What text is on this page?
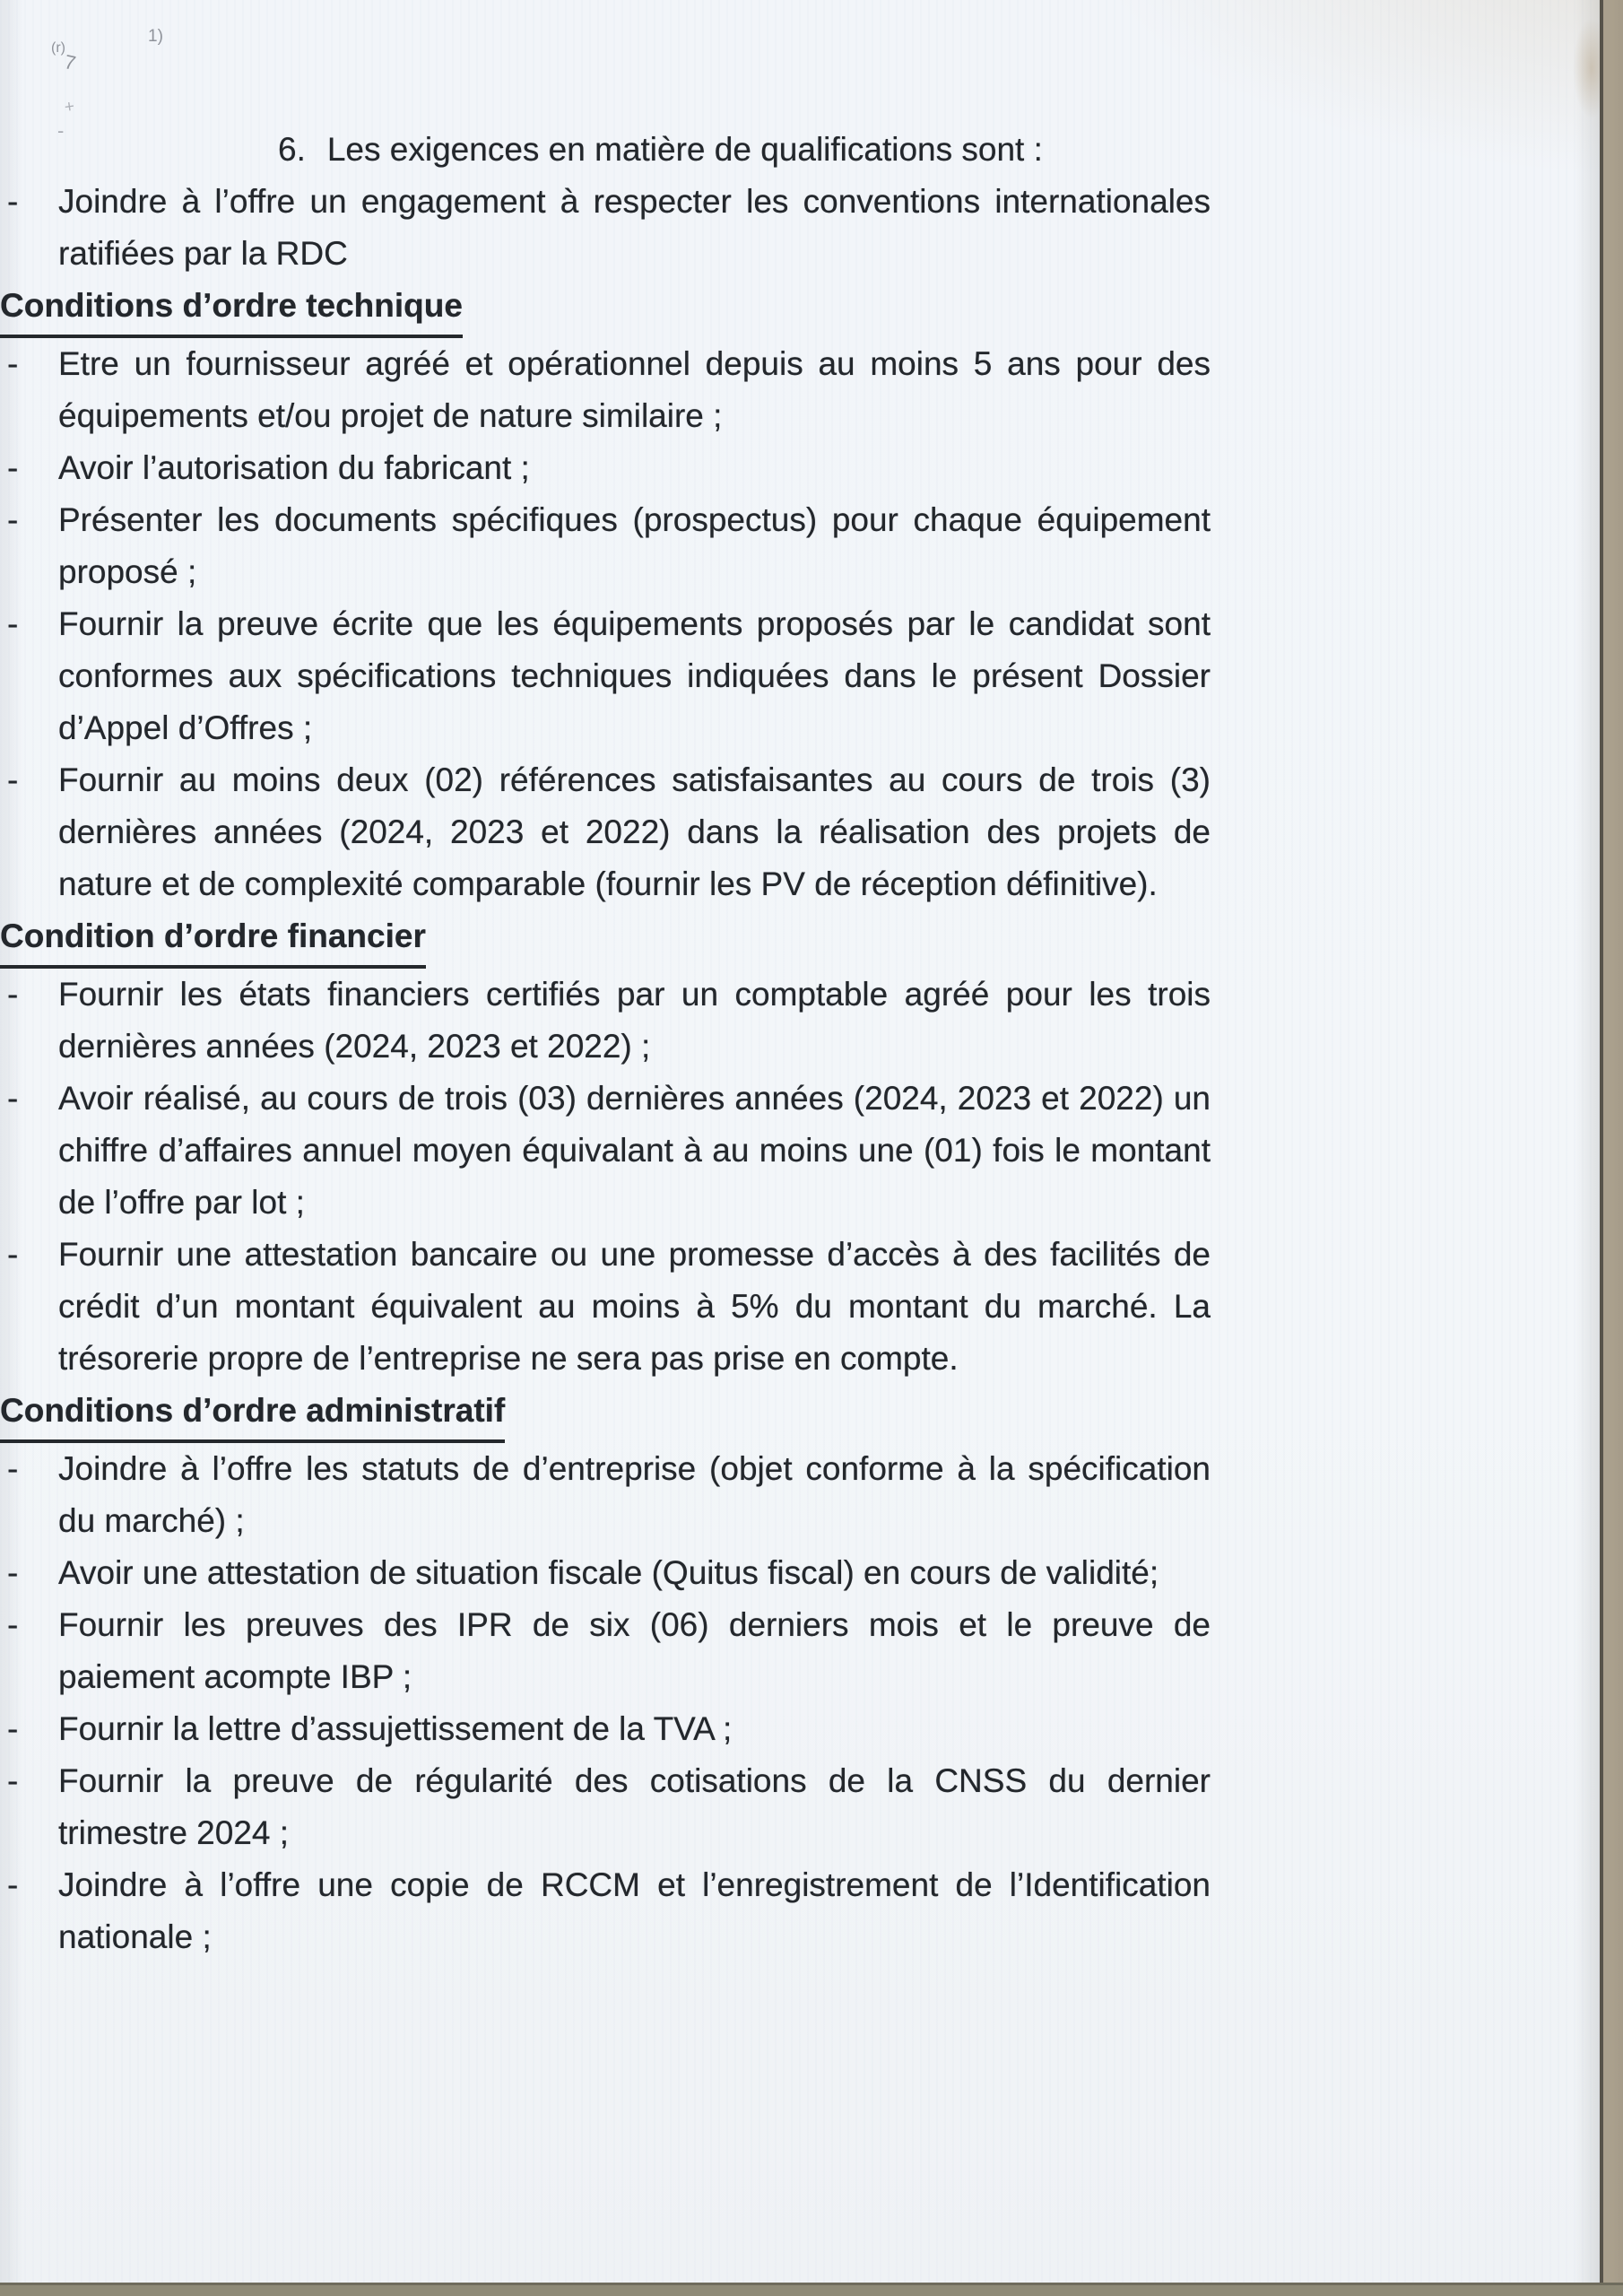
(r)
7
1)
+
-
6. Les exigences en matière de qualifications sont :
- Joindre à l’offre un engagement à respecter les conventions internationales ratifiées par la RDC
Conditions d’ordre technique
- Etre un fournisseur agréé et opérationnel depuis au moins 5 ans pour des équipements et/ou projet de nature similaire ;
- Avoir l’autorisation du fabricant ;
- Présenter les documents spécifiques (prospectus) pour chaque équipement proposé ;
- Fournir la preuve écrite que les équipements proposés par le candidat sont conformes aux spécifications techniques indiquées dans le présent Dossier d’Appel d’Offres ;
- Fournir au moins deux (02) références satisfaisantes au cours de trois (3) dernières années (2024, 2023 et 2022) dans la réalisation des projets de nature et de complexité comparable (fournir les PV de réception définitive).
Condition d’ordre financier
- Fournir les états financiers certifiés par un comptable agréé pour les trois dernières années (2024, 2023 et 2022) ;
- Avoir réalisé, au cours de trois (03) dernières années (2024, 2023 et 2022) un chiffre d’affaires annuel moyen équivalant à au moins une (01) fois le montant de l’offre par lot ;
- Fournir une attestation bancaire ou une promesse d’accès à des facilités de crédit d’un montant équivalent au moins à 5% du montant du marché. La trésorerie propre de l’entreprise ne sera pas prise en compte.
Conditions d’ordre administratif
- Joindre à l’offre les statuts de d’entreprise (objet conforme à la spécification du marché) ;
- Avoir une attestation de situation fiscale (Quitus fiscal) en cours de validité;
- Fournir les preuves des IPR de six (06) derniers mois et le preuve de paiement acompte IBP ;
- Fournir la lettre d’assujettissement de la TVA ;
- Fournir la preuve de régularité des cotisations de la CNSS du dernier trimestre 2024 ;
- Joindre à l’offre une copie de RCCM et l’enregistrement de l’Identification nationale ;
